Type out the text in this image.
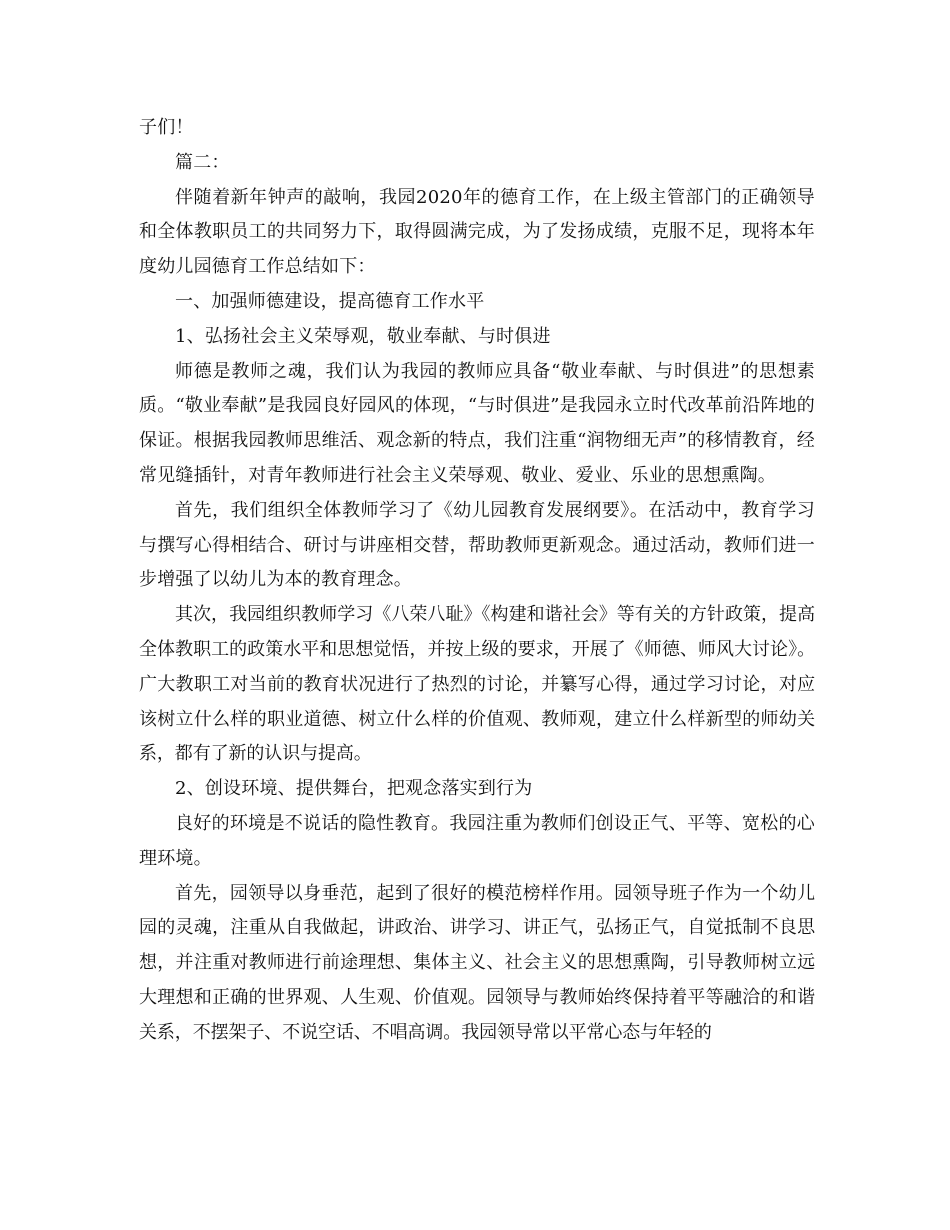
子们！

篇二：

伴随着新年钟声的敲响，我园2020年的德育工作，在上级主管部门的正确领导和全体教职员工的共同努力下，取得圆满完成，为了发扬成绩，克服不足，现将本年度幼儿园德育工作总结如下：

一、加强师德建设，提高德育工作水平

1、弘扬社会主义荣辱观，敬业奉献、与时俱进

师德是教师之魂，我们认为我园的教师应具备“敬业奉献、与时俱进”的思想素质。“敬业奉献”是我园良好园风的体现，“与时俱进”是我园永立时代改革前沿阵地的保证。根据我园教师思维活、观念新的特点，我们注重“润物细无声”的移情教育，经常见缝插针，对青年教师进行社会主义荣辱观、敬业、爱业、乐业的思想熏陶。

首先，我们组织全体教师学习了《幼儿园教育发展纲要》。在活动中，教育学习与撰写心得相结合、研讨与讲座相交替，帮助教师更新观念。通过活动，教师们进一步增强了以幼儿为本的教育理念。

其次，我园组织教师学习《八荣八耻》《构建和谐社会》等有关的方针政策，提高全体教职工的政策水平和思想觉悟，并按上级的要求，开展了《师德、师风大讨论》。广大教职工对当前的教育状况进行了热烈的讨论，并纂写心得，通过学习讨论，对应该树立什么样的职业道德、树立什么样的价值观、教师观，建立什么样新型的师幼关系，都有了新的认识与提高。

2、创设环境、提供舞台，把观念落实到行为

良好的环境是不说话的隐性教育。我园注重为教师们创设正气、平等、宽松的心理环境。

首先，园领导以身垂范，起到了很好的模范榜样作用。园领导班子作为一个幼儿园的灵魂，注重从自我做起，讲政治、讲学习、讲正气，弘扬正气，自觉抵制不良思想，并注重对教师进行前途理想、集体主义、社会主义的思想熏陶，引导教师树立远大理想和正确的世界观、人生观、价值观。园领导与教师始终保持着平等融洽的和谐关系，不摆架子、不说空话、不唱高调。我园领导常以平常心态与年轻的
